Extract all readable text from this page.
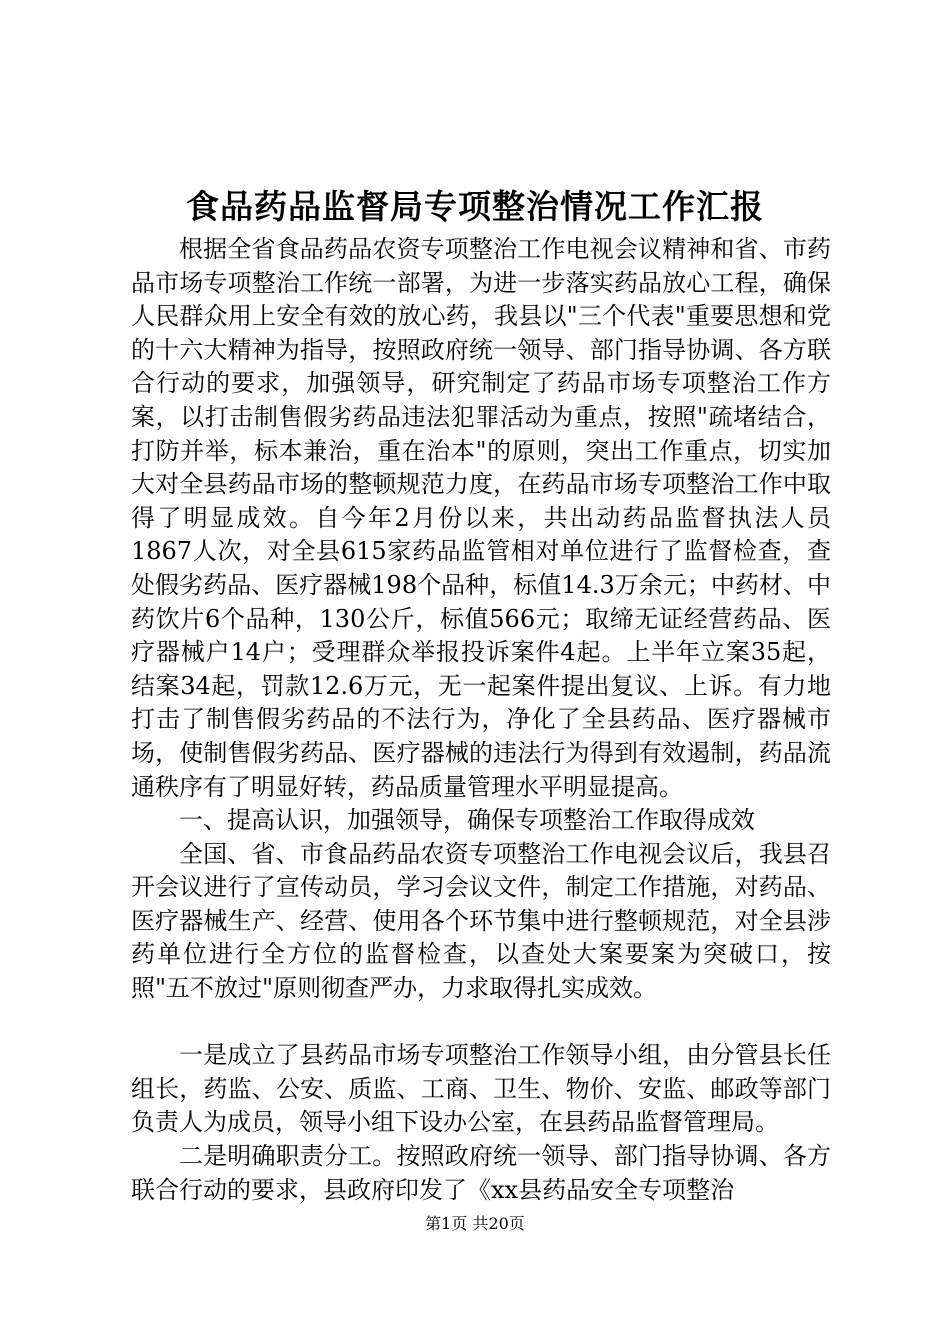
食品药品监督局专项整治情况工作汇报

根据全省食品药品农资专项整治工作电视会议精神和省、市药品市场专项整治工作统一部署，为进一步落实药品放心工程，确保人民群众用上安全有效的放心药，我县以"三个代表"重要思想和党的十六大精神为指导，按照政府统一领导、部门指导协调、各方联合行动的要求，加强领导，研究制定了药品市场专项整治工作方案，以打击制售假劣药品违法犯罪活动为重点，按照"疏堵结合，打防并举，标本兼治，重在治本"的原则，突出工作重点，切实加大对全县药品市场的整顿规范力度，在药品市场专项整治工作中取得了明显成效。自今年2月份以来，共出动药品监督执法人员1867人次，对全县615家药品监管相对单位进行了监督检查，查处假劣药品、医疗器械198个品种，标值14.3万余元；中药材、中药饮片6个品种，130公斤，标值566元；取缔无证经营药品、医疗器械户14户；受理群众举报投诉案件4起。上半年立案35起，结案34起，罚款12.6万元，无一起案件提出复议、上诉。有力地打击了制售假劣药品的不法行为，净化了全县药品、医疗器械市场，使制售假劣药品、医疗器械的违法行为得到有效遏制，药品流通秩序有了明显好转，药品质量管理水平明显提高。

一、提高认识，加强领导，确保专项整治工作取得成效

全国、省、市食品药品农资专项整治工作电视会议后，我县召开会议进行了宣传动员，学习会议文件，制定工作措施，对药品、医疗器械生产、经营、使用各个环节集中进行整顿规范，对全县涉药单位进行全方位的监督检查，以查处大案要案为突破口，按照"五不放过"原则彻查严办，力求取得扎实成效。

一是成立了县药品市场专项整治工作领导小组，由分管县长任组长，药监、公安、质监、工商、卫生、物价、安监、邮政等部门负责人为成员，领导小组下设办公室，在县药品监督管理局。

二是明确职责分工。按照政府统一领导、部门指导协调、各方联合行动的要求，县政府印发了《xx县药品安全专项整治

第1页 共20页
